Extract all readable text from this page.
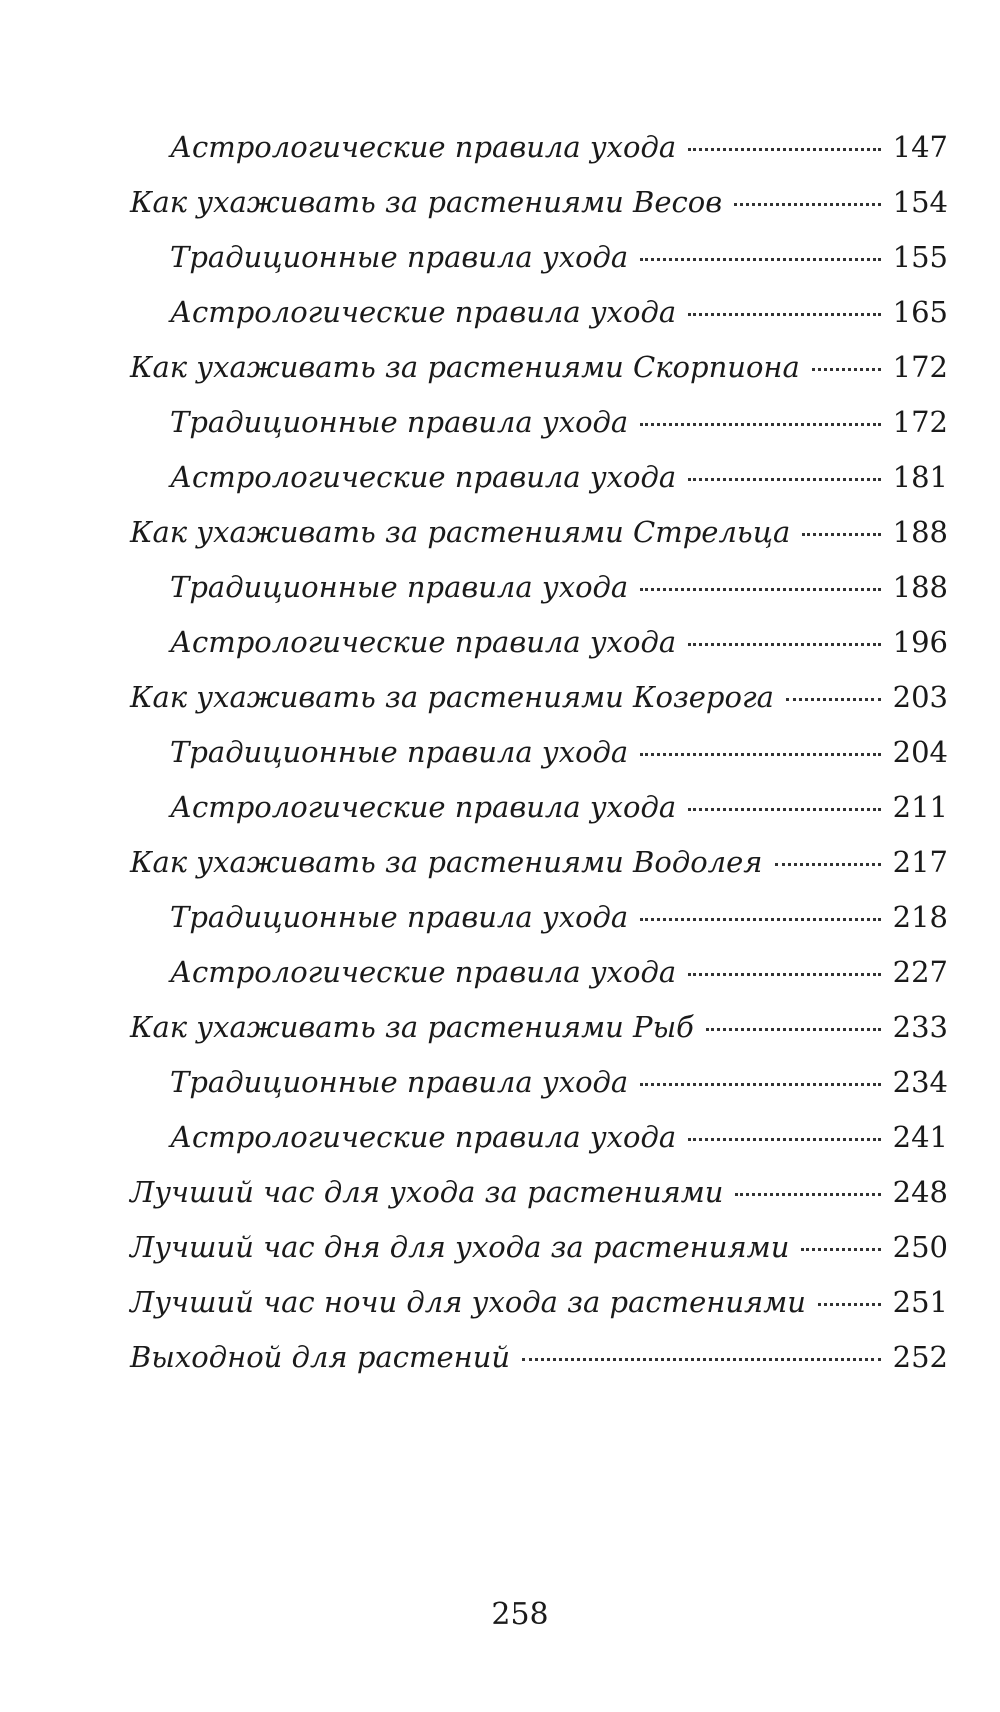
Астрологические правила ухода	147
Как ухаживать за растениями Весов	154
Традиционные правила ухода	155
Астрологические правила ухода	165
Как ухаживать за растениями Скорпиона	172
Традиционные правила ухода	172
Астрологические правила ухода	181
Как ухаживать за растениями Стрельца	188
Традиционные правила ухода	188
Астрологические правила ухода	196
Как ухаживать за растениями Козерога	203
Традиционные правила ухода	204
Астрологические правила ухода	211
Как ухаживать за растениями Водолея	217
Традиционные правила ухода	218
Астрологические правила ухода	227
Как ухаживать за растениями Рыб	233
Традиционные правила ухода	234
Астрологические правила ухода	241
Лучший час для ухода за растениями	248
Лучший час дня для ухода за растениями	250
Лучший час ночи для ухода за растениями	251
Выходной для растений	252
258
